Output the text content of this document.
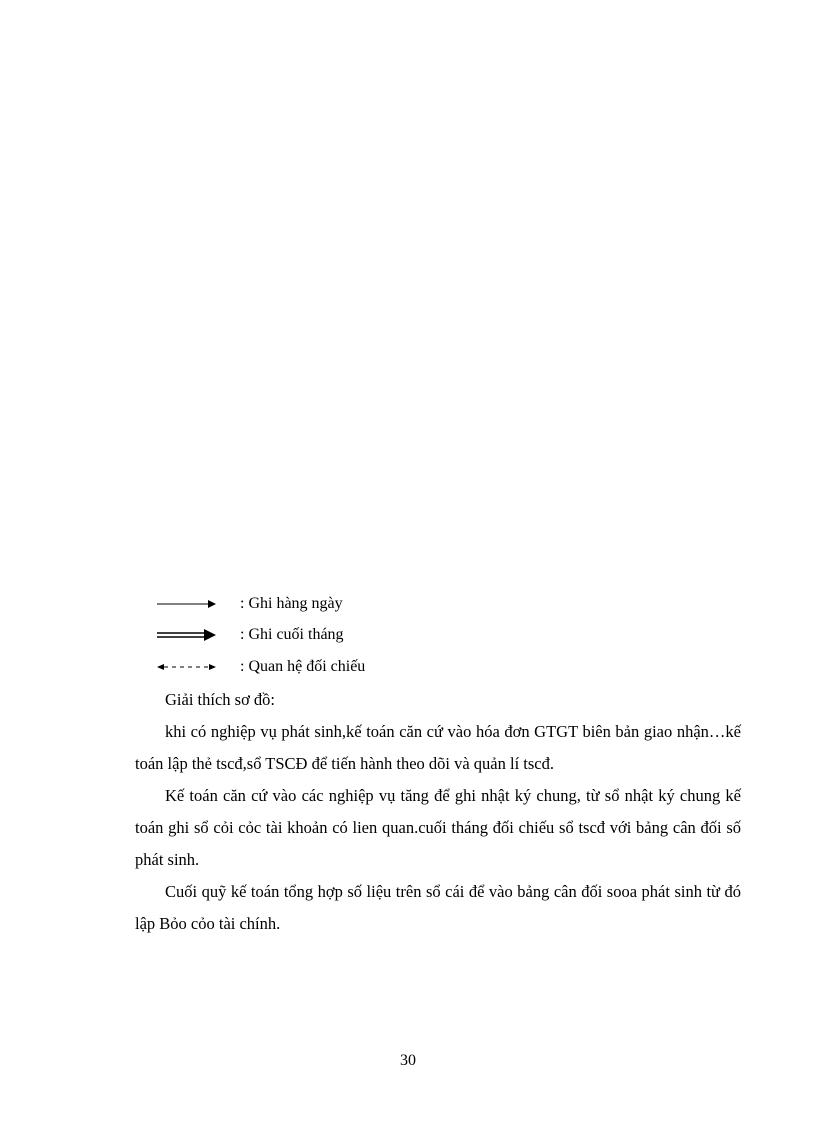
: Ghi hàng ngày
: Ghi cuối tháng
: Quan hệ đối chiếu
Giải thích sơ đồ:

khi có nghiệp vụ phát sinh,kế toán căn cứ vào hóa đơn GTGT biên bản giao nhận…kế toán lập thẻ tscđ,sổ TSCĐ để tiến hành theo dõi và quản lí tscđ.

Kế toán căn cứ vào các nghiệp vụ tăng để ghi nhật ký chung, từ sổ nhật ký chung kế toán ghi sổ cỏi cỏc tài khoản có lien quan.cuối tháng đối chiếu sổ tscđ với bảng cân đối số phát sinh.

Cuối quỹ kế toán tổng hợp số liệu trên sổ cái để vào bảng cân đối sooa phát sinh từ đó lập Bỏo cỏo tài chính.

30
